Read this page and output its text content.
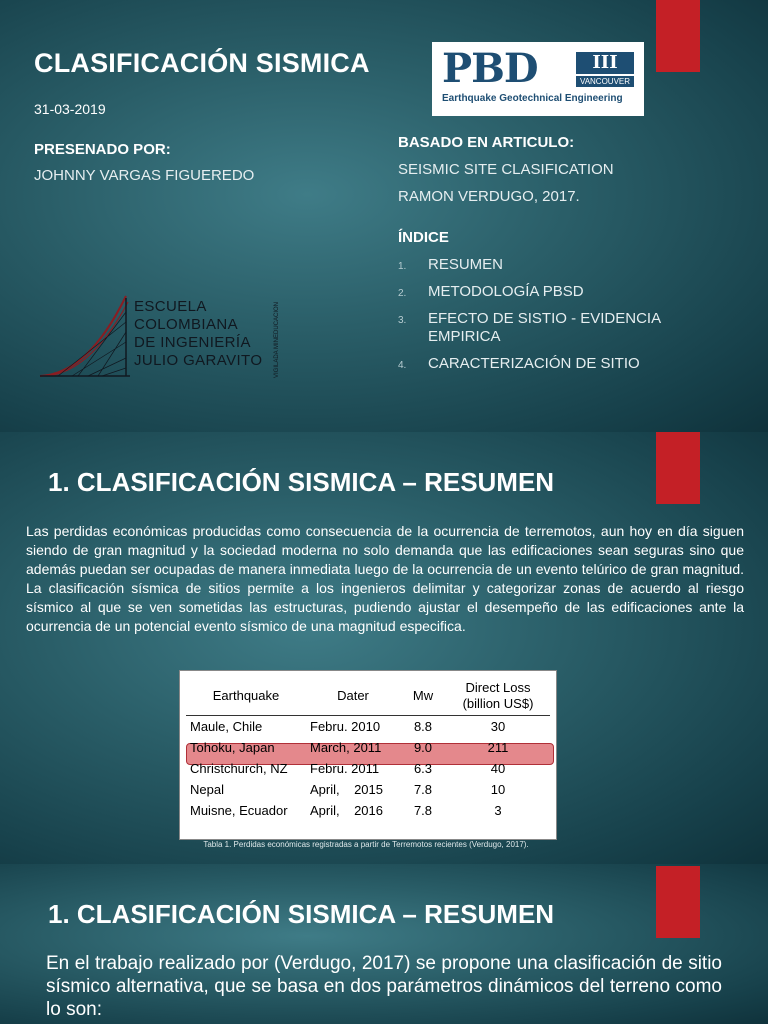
CLASIFICACIÓN SISMICA

31-03-2019

PRESENADO POR:

JOHNNY VARGAS FIGUEREDO

PBD	III
VANCOUVER
Earthquake Geotechnical Engineering

BASADO EN ARTICULO:

SEISMIC SITE CLASIFICATION

RAMON VERDUGO, 2017.

ÍNDICE

1. RESUMEN
2. METODOLOGÍA PBSD
3. EFECTO DE SISTIO - EVIDENCIA EMPIRICA
4. CARACTERIZACIÓN DE SITIO
ESCUELA
COLOMBIANA
DE INGENIERÍA
JULIO GARAVITO VIGILADA MINEDUCACIÓN
1. CLASIFICACIÓN SISMICA – RESUMEN

Las perdidas económicas producidas como consecuencia de la ocurrencia de terremotos, aun hoy en día siguen siendo de gran magnitud y la sociedad moderna no solo demanda que las edificaciones sean seguras sino que además puedan ser ocupadas de manera inmediata luego de la ocurrencia de un evento telúrico de gran magnitud. La clasificación sísmica de sitios permite a los ingenieros delimitar y categorizar zonas de acuerdo al riesgo sísmico al que se ven sometidas las estructuras, pudiendo ajustar el desempeño de las edificaciones ante la ocurrencia de un potencial evento sísmico de una magnitud especifica.

Earthquake	Dater	Mw	Direct Loss
(billion US$)
Maule, Chile	Febru. 2010	8.8	30
Tohoku, Japan	March, 2011	9.0	211
Christchurch, NZ	Febru. 2011	6.3	40
Nepal	April,    2015	7.8	10
Muisne, Ecuador	April,    2016	7.8	3

Tabla 1. Perdidas económicas registradas a partir de Terremotos recientes (Verdugo, 2017).

1. CLASIFICACIÓN SISMICA – RESUMEN

En el trabajo realizado por (Verdugo, 2017) se propone una clasificación de sitio sísmico alternativa, que se basa en dos parámetros dinámicos del terreno como lo son:
